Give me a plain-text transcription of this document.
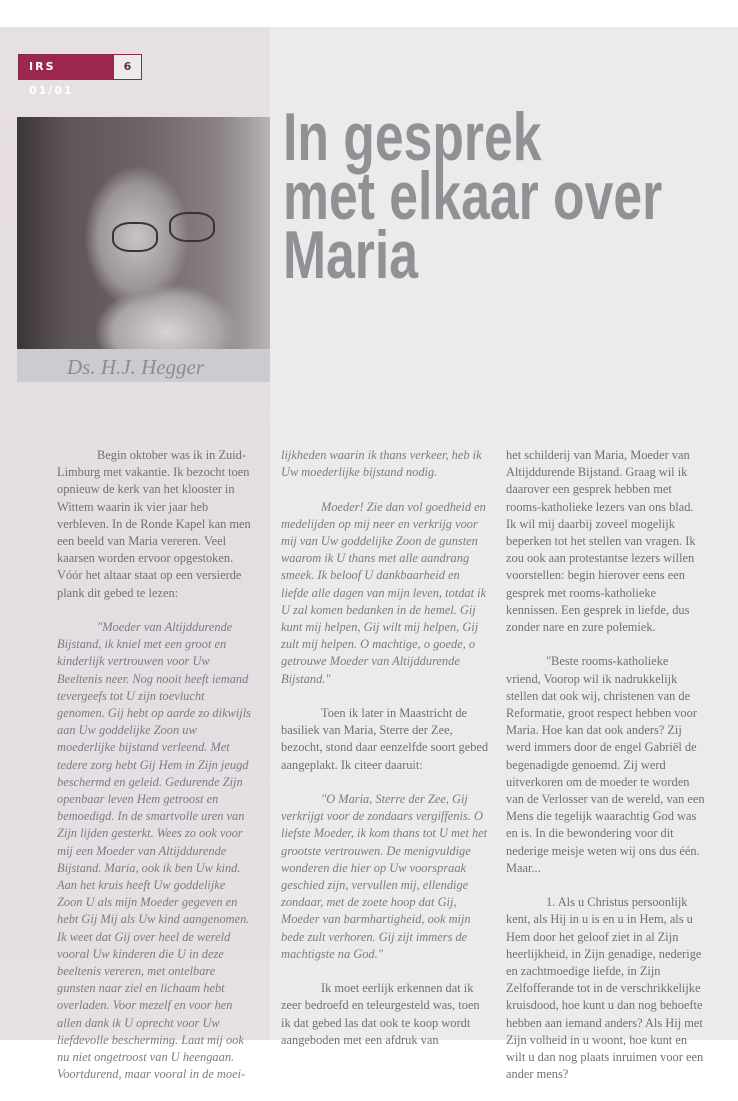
IRS 01/01
6
Ds. H.J. Hegger
In gesprek
met elkaar over
Maria

Begin oktober was ik in Zuid-Limburg met vakantie. Ik bezocht toen opnieuw de kerk van het klooster in Wittem waarin ik vier jaar heb verbleven. In de Ronde Kapel kan men een beeld van Maria vereren. Veel kaarsen worden ervoor opgestoken. Vóór het altaar staat op een versierde plank dit gebed te lezen:

"Moeder van Altijddurende Bijstand, ik kniel met een groot en kinderlijk vertrouwen voor Uw Beeltenis neer. Nog nooit heeft iemand tevergeefs tot U zijn toevlucht genomen. Gij hebt op aarde zo dikwijls aan Uw goddelijke Zoon uw moederlijke bijstand verleend. Met tedere zorg hebt Gij Hem in Zijn jeugd beschermd en geleid. Gedurende Zijn openbaar leven Hem getroost en bemoedigd. In de smartvolle uren van Zijn lijden gesterkt. Wees zo ook voor mij een Moeder van Altijddurende Bijstand. Maria, ook ik ben Uw kind. Aan het kruis heeft Uw goddelijke Zoon U als mijn Moeder gegeven en hebt Gij Mij als Uw kind aangenomen. Ik weet dat Gij over heel de wereld vooral Uw kinderen die U in deze beeltenis vereren, met ontelbare gunsten naar ziel en lichaam hebt overladen. Voor mezelf en voor hen allen dank ik U oprecht voor Uw liefdevolle bescherming. Laat mij ook nu niet ongetroost van U heengaan. Voortdurend, maar vooral in de moei-

lijkheden waarin ik thans verkeer, heb ik Uw moederlijke bijstand nodig.

Moeder! Zie dan vol goedheid en medelijden op mij neer en verkrijg voor mij van Uw goddelijke Zoon de gunsten waarom ik U thans met alle aandrang smeek. Ik beloof U dankbaarheid en liefde alle dagen van mijn leven, totdat ik U zal komen bedanken in de hemel. Gij kunt mij helpen, Gij wilt mij helpen, Gij zult mij helpen. O machtige, o goede, o getrouwe Moeder van Altijddurende Bijstand."

Toen ik later in Maastricht de basiliek van Maria, Sterre der Zee, bezocht, stond daar eenzelfde soort gebed aangeplakt. Ik citeer daaruit:

"O Maria, Sterre der Zee, Gij verkrijgt voor de zondaars vergiffenis. O liefste Moeder, ik kom thans tot U met het grootste vertrouwen. De menigvuldige wonderen die hier op Uw voorspraak geschied zijn, vervullen mij, ellendige zondaar, met de zoete hoop dat Gij, Moeder van barmhartigheid, ook mijn bede zult verhoren. Gij zijt immers de machtigste na God."

Ik moet eerlijk erkennen dat ik zeer bedroefd en teleurgesteld was, toen ik dat gebed las dat ook te koop wordt aangeboden met een afdruk van

het schilderij van Maria, Moeder van Altijddurende Bijstand. Graag wil ik daarover een gesprek hebben met rooms-katholieke lezers van ons blad. Ik wil mij daarbij zoveel mogelijk beperken tot het stellen van vragen. Ik zou ook aan protestantse lezers willen voorstellen: begin hierover eens een gesprek met rooms-katholieke kennissen. Een gesprek in liefde, dus zonder nare en zure polemiek.

"Beste rooms-katholieke vriend, Voorop wil ik nadrukkelijk stellen dat ook wij, christenen van de Reformatie, groot respect hebben voor Maria. Hoe kan dat ook anders? Zij werd immers door de engel Gabriël de begenadigde genoemd. Zij werd uitverkoren om de moeder te worden van de Verlosser van de wereld, van een Mens die tegelijk waarachtig God was en is. In die bewondering voor dit nederige meisje weten wij ons dus één. Maar...

1. Als u Christus persoonlijk kent, als Hij in u is en u in Hem, als u Hem door het geloof ziet in al Zijn heerlijkheid, in Zijn genadige, nederige en zachtmoedige liefde, in Zijn Zelfofferande tot in de verschrikkelijke kruisdood, hoe kunt u dan nog behoefte hebben aan iemand anders? Als Hij met Zijn volheid in u woont, hoe kunt en wilt u dan nog plaats inruimen voor een ander mens?
